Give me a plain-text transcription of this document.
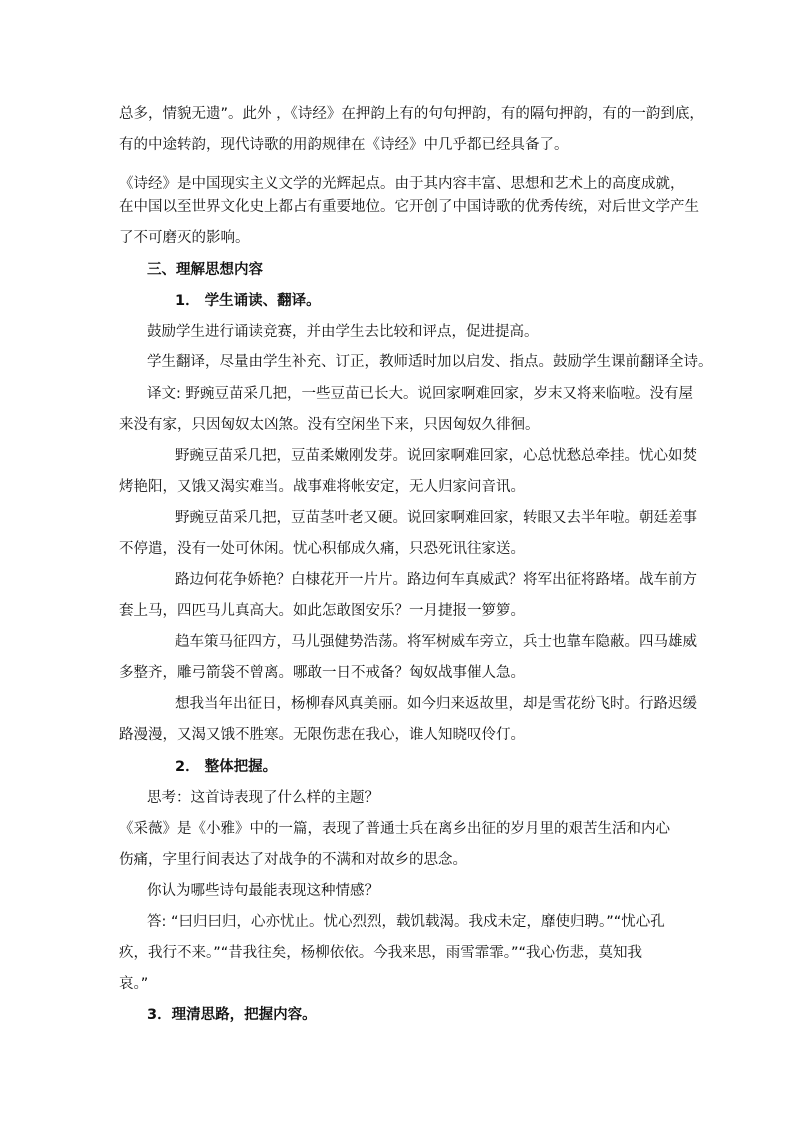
总多，情貌无遗”。此外 ，《诗经》在押韵上有的句句押韵，有的隔句押韵，有的一韵到底，
有的中途转韵，现代诗歌的用韵规律在《诗经》中几乎都已经具备了。
《诗经》是中国现实主义文学的光辉起点。由于其内容丰富、思想和艺术上的高度成就，
在中国以至世界文化史上都占有重要地位。它开创了中国诗歌的优秀传统，对后世文学产生
了不可磨灭的影响。
三、理解思想内容
1． 学生诵读、翻译。
鼓励学生进行诵读竞赛，并由学生去比较和评点，促进提高。
学生翻译，尽量由学生补充、订正，教师适时加以启发、指点。鼓励学生课前翻译全诗。
译文: 野豌豆苗采几把，一些豆苗已长大。说回家啊难回家，岁末又将来临啦。没有屋
来没有家，只因匈奴太凶煞。没有空闲坐下来，只因匈奴久徘徊。
野豌豆苗采几把，豆苗柔嫩刚发芽。说回家啊难回家，心总忧愁总牵挂。忧心如焚
烤艳阳，又饿又渴实难当。战事难将帐安定，无人归家问音讯。
野豌豆苗采几把，豆苗茎叶老又硬。说回家啊难回家，转眼又去半年啦。朝廷差事
不停遣，没有一处可休闲。忧心积郁成久痛，只恐死讯往家送。
路边何花争娇艳？白棣花开一片片。路边何车真威武？将军出征将路堵。战车前方
套上马，四匹马儿真高大。如此怎敢图安乐？一月捷报一箩箩。
趋车策马征四方，马儿强健势浩荡。将军树威车旁立，兵士也靠车隐蔽。四马雄威
多整齐，雕弓箭袋不曾离。哪敢一日不戒备？匈奴战事催人急。
想我当年出征日，杨柳春风真美丽。如今归来返故里，却是雪花纷飞时。行路迟缓
路漫漫，又渴又饿不胜寒。无限伤悲在我心，谁人知晓叹伶仃。
2． 整体把握。
思考：这首诗表现了什么样的主题？
《采薇》是《小雅》中的一篇，表现了普通士兵在离乡出征的岁月里的艰苦生活和内心
伤痛，字里行间表达了对战争的不满和对故乡的思念。
你认为哪些诗句最能表现这种情感？
答: “曰归曰归，心亦忧止。忧心烈烈，载饥载渴。我戍未定，靡使归聘。”“忧心孔
疚，我行不来。”“昔我往矣，杨柳依依。今我来思，雨雪霏霏。”“我心伤悲，莫知我
哀。”
3．理清思路，把握内容。
